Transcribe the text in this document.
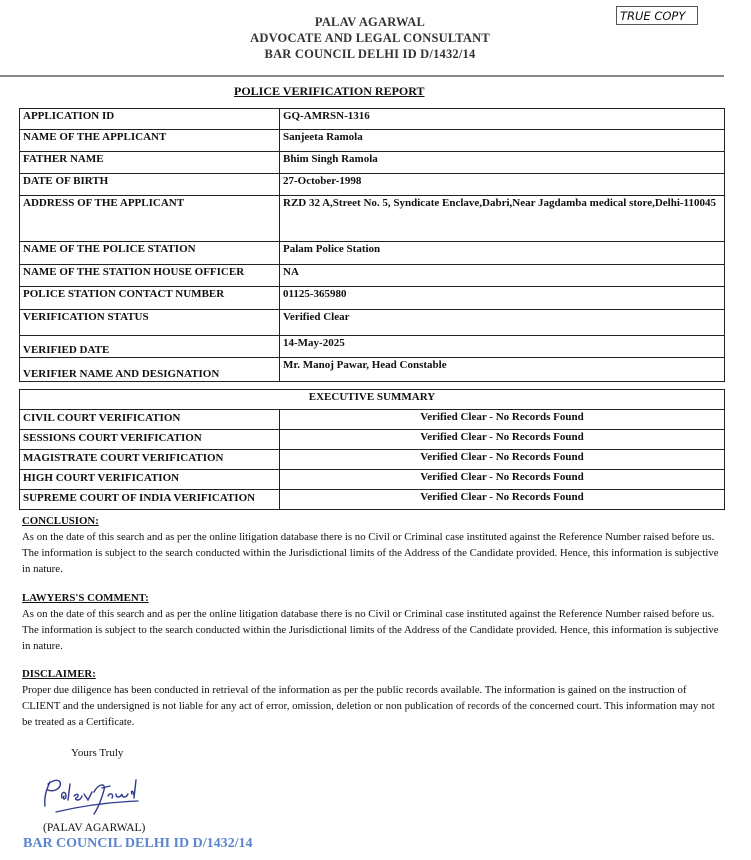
PALAV AGARWAL
ADVOCATE AND LEGAL CONSULTANT
BAR COUNCIL DELHI ID D/1432/14
TRUE COPY
POLICE VERIFICATION REPORT
APPLICATION ID	GQ-AMRSN-1316
NAME OF THE APPLICANT	Sanjeeta Ramola
FATHER NAME	Bhim Singh Ramola
DATE OF BIRTH	27-October-1998
ADDRESS OF THE APPLICANT	RZD 32 A,Street No. 5, Syndicate Enclave,Dabri,Near Jagdamba medical store,Delhi-110045
NAME OF THE POLICE STATION	Palam Police Station
NAME OF THE STATION HOUSE OFFICER	NA
POLICE STATION CONTACT NUMBER	01125-365980
VERIFICATION STATUS	Verified Clear
VERIFIED DATE	14-May-2025
VERIFIER NAME AND DESIGNATION	Mr. Manoj Pawar, Head Constable
EXECUTIVE SUMMARY	
CIVIL COURT VERIFICATION	Verified Clear - No Records Found
SESSIONS COURT VERIFICATION	Verified Clear - No Records Found
MAGISTRATE COURT VERIFICATION	Verified Clear - No Records Found
HIGH COURT VERIFICATION	Verified Clear - No Records Found
SUPREME COURT OF INDIA VERIFICATION	Verified Clear - No Records Found
CONCLUSION:
As on the date of this search and as per the online litigation database there is no Civil or Criminal case instituted against the Reference Number raised before us. The information is subject to the search conducted within the Jurisdictional limits of the Address of the Candidate provided. Hence, this information is subjective in nature.
LAWYERS'S COMMENT:
As on the date of this search and as per the online litigation database there is no Civil or Criminal case instituted against the Reference Number raised before us. The information is subject to the search conducted within the Jurisdictional limits of the Address of the Candidate provided. Hence, this information is subjective in nature.
DISCLAIMER:
Proper due diligence has been conducted in retrieval of the information as per the public records available. The information is gained on the instruction of CLIENT and the undersigned is not liable for any act of error, omission, deletion or non publication of records of the concerned court. This information may not be treated as a Certificate.
Yours Truly
(PALAV AGARWAL)
BAR COUNCIL DELHI ID D/1432/14
